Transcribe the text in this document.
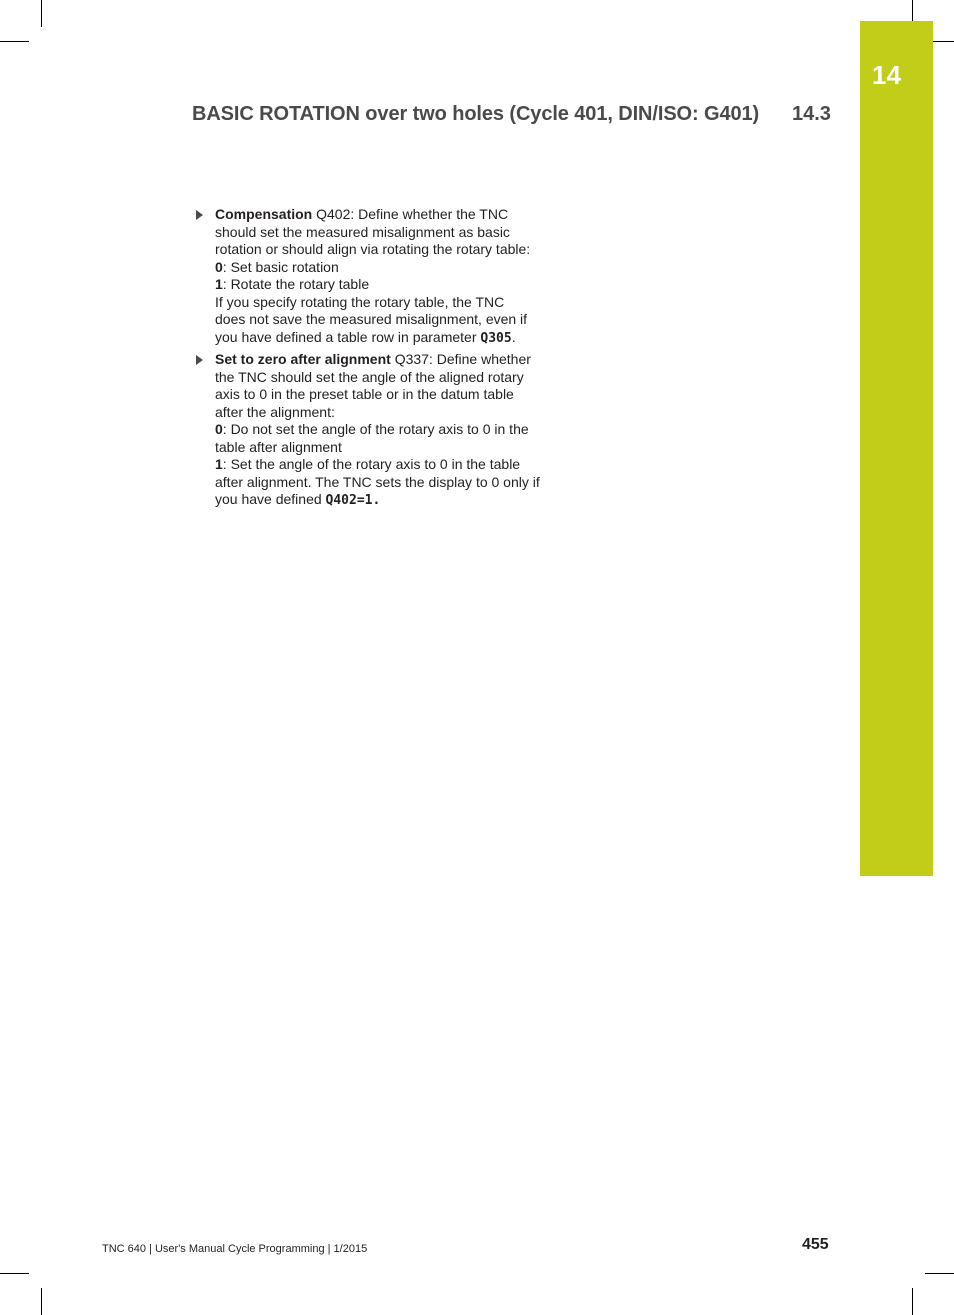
14
BASIC ROTATION over two holes (Cycle 401, DIN/ISO: G401) 14.3
Compensation Q402: Define whether the TNC
should set the measured misalignment as basic
rotation or should align via rotating the rotary table:
0: Set basic rotation
1: Rotate the rotary table
If you specify rotating the rotary table, the TNC
does not save the measured misalignment, even if
you have defined a table row in parameter Q305.
Set to zero after alignment Q337: Define whether
the TNC should set the angle of the aligned rotary
axis to 0 in the preset table or in the datum table
after the alignment:
0: Do not set the angle of the rotary axis to 0 in the
table after alignment
1: Set the angle of the rotary axis to 0 in the table
after alignment. The TNC sets the display to 0 only if
you have defined Q402=1.
TNC 640 | User's Manual Cycle Programming | 1/2015	455
